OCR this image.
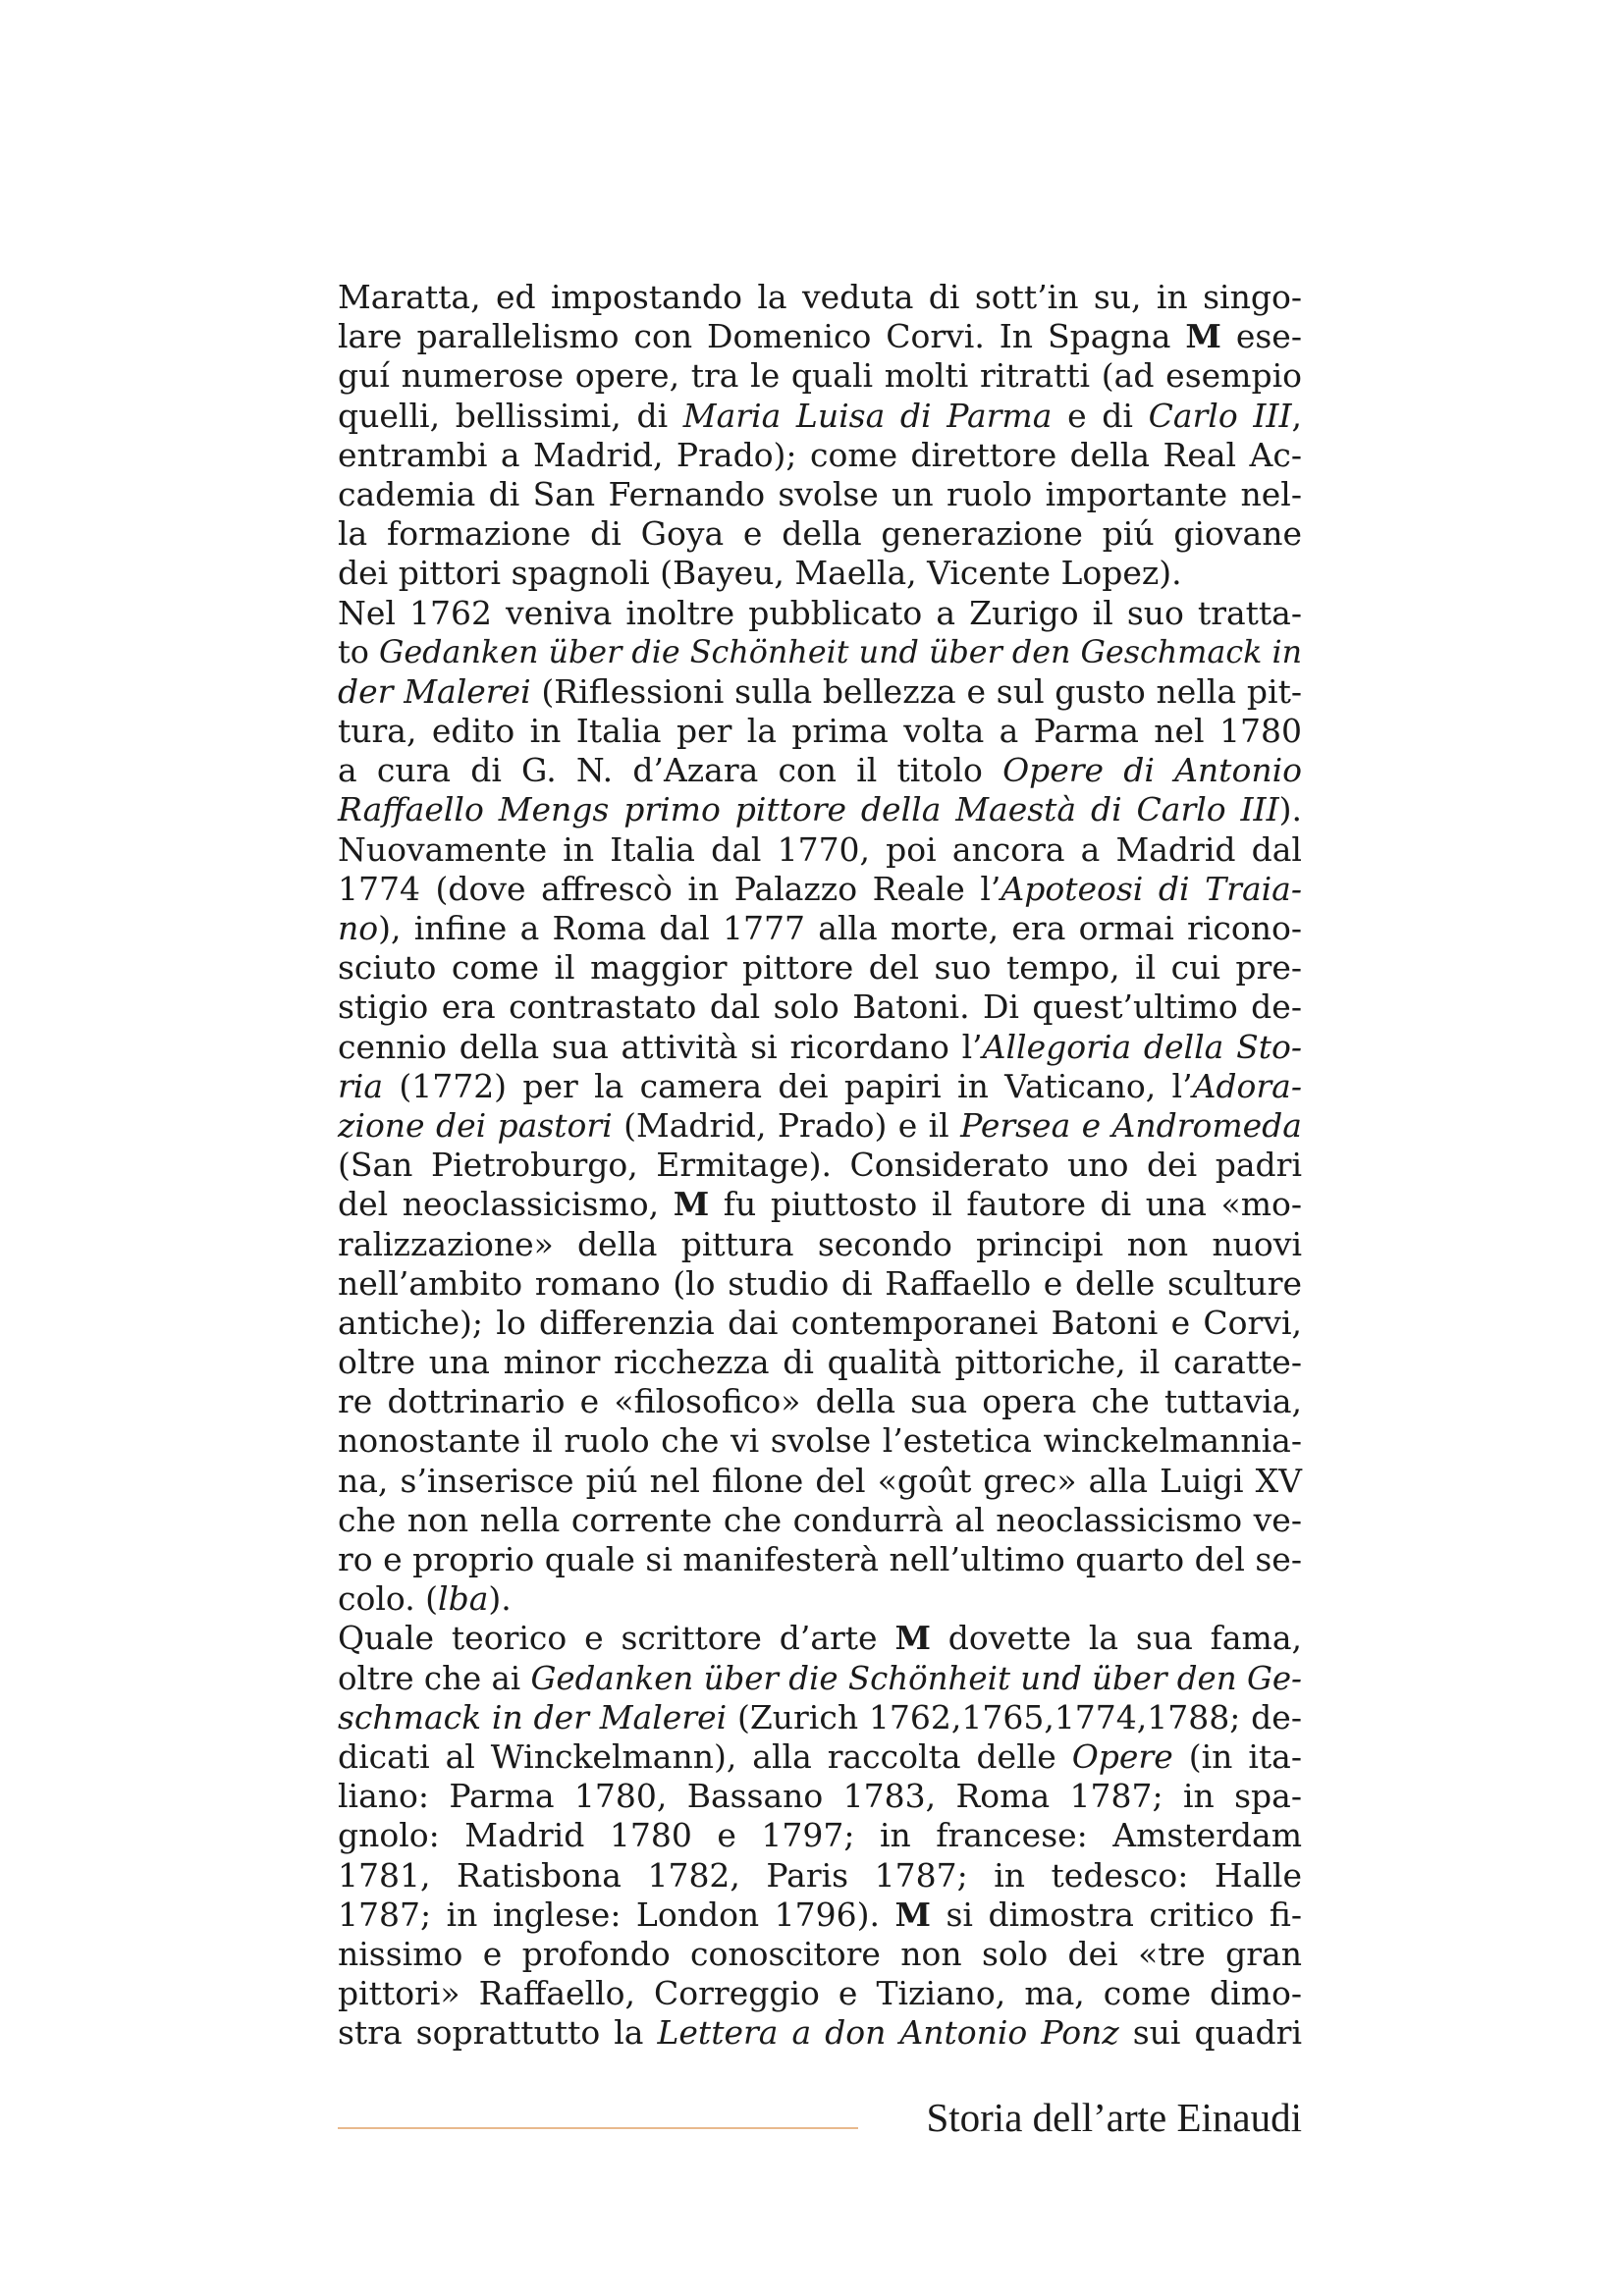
Maratta, ed impostando la veduta di sott’in su, in singo-
lare parallelismo con Domenico Corvi. In Spagna M ese-
guí numerose opere, tra le quali molti ritratti (ad esempio
quelli, bellissimi, di Maria Luisa di Parma e di Carlo III,
entrambi a Madrid, Prado); come direttore della Real Ac-
cademia di San Fernando svolse un ruolo importante nel-
la formazione di Goya e della generazione piú giovane
dei pittori spagnoli (Bayeu, Maella, Vicente Lopez).
Nel 1762 veniva inoltre pubblicato a Zurigo il suo tratta-
to Gedanken über die Schönheit und über den Geschmack in
der Malerei (Riflessioni sulla bellezza e sul gusto nella pit-
tura, edito in Italia per la prima volta a Parma nel 1780
a cura di G. N. d’Azara con il titolo Opere di Antonio
Raffaello Mengs primo pittore della Maestà di Carlo III).
Nuovamente in Italia dal 1770, poi ancora a Madrid dal
1774 (dove affrescò in Palazzo Reale l’Apoteosi di Traia-
no), infine a Roma dal 1777 alla morte, era ormai ricono-
sciuto come il maggior pittore del suo tempo, il cui pre-
stigio era contrastato dal solo Batoni. Di quest’ultimo de-
cennio della sua attività si ricordano l’Allegoria della Sto-
ria (1772) per la camera dei papiri in Vaticano, l’Adora-
zione dei pastori (Madrid, Prado) e il Persea e Andromeda
(San Pietroburgo, Ermitage). Considerato uno dei padri
del neoclassicismo, M fu piuttosto il fautore di una «mo-
ralizzazione» della pittura secondo principi non nuovi
nell’ambito romano (lo studio di Raffaello e delle sculture
antiche); lo differenzia dai contemporanei Batoni e Corvi,
oltre una minor ricchezza di qualità pittoriche, il caratte-
re dottrinario e «filosofico» della sua opera che tuttavia,
nonostante il ruolo che vi svolse l’estetica winckelmannia-
na, s’inserisce piú nel filone del «goût grec» alla Luigi XV
che non nella corrente che condurrà al neoclassicismo ve-
ro e proprio quale si manifesterà nell’ultimo quarto del se-
colo. (lba).
Quale teorico e scrittore d’arte M dovette la sua fama,
oltre che ai Gedanken über die Schönheit und über den Ge-
schmack in der Malerei (Zurich 1762,1765,1774,1788; de-
dicati al Winckelmann), alla raccolta delle Opere (in ita-
liano: Parma 1780, Bassano 1783, Roma 1787; in spa-
gnolo: Madrid 1780 e 1797; in francese: Amsterdam
1781, Ratisbona 1782, Paris 1787; in tedesco: Halle
1787; in inglese: London 1796). M si dimostra critico fi-
nissimo e profondo conoscitore non solo dei «tre gran
pittori» Raffaello, Correggio e Tiziano, ma, come dimo-
stra soprattutto la Lettera a don Antonio Ponz sui quadri
Storia dell’arte Einaudi
